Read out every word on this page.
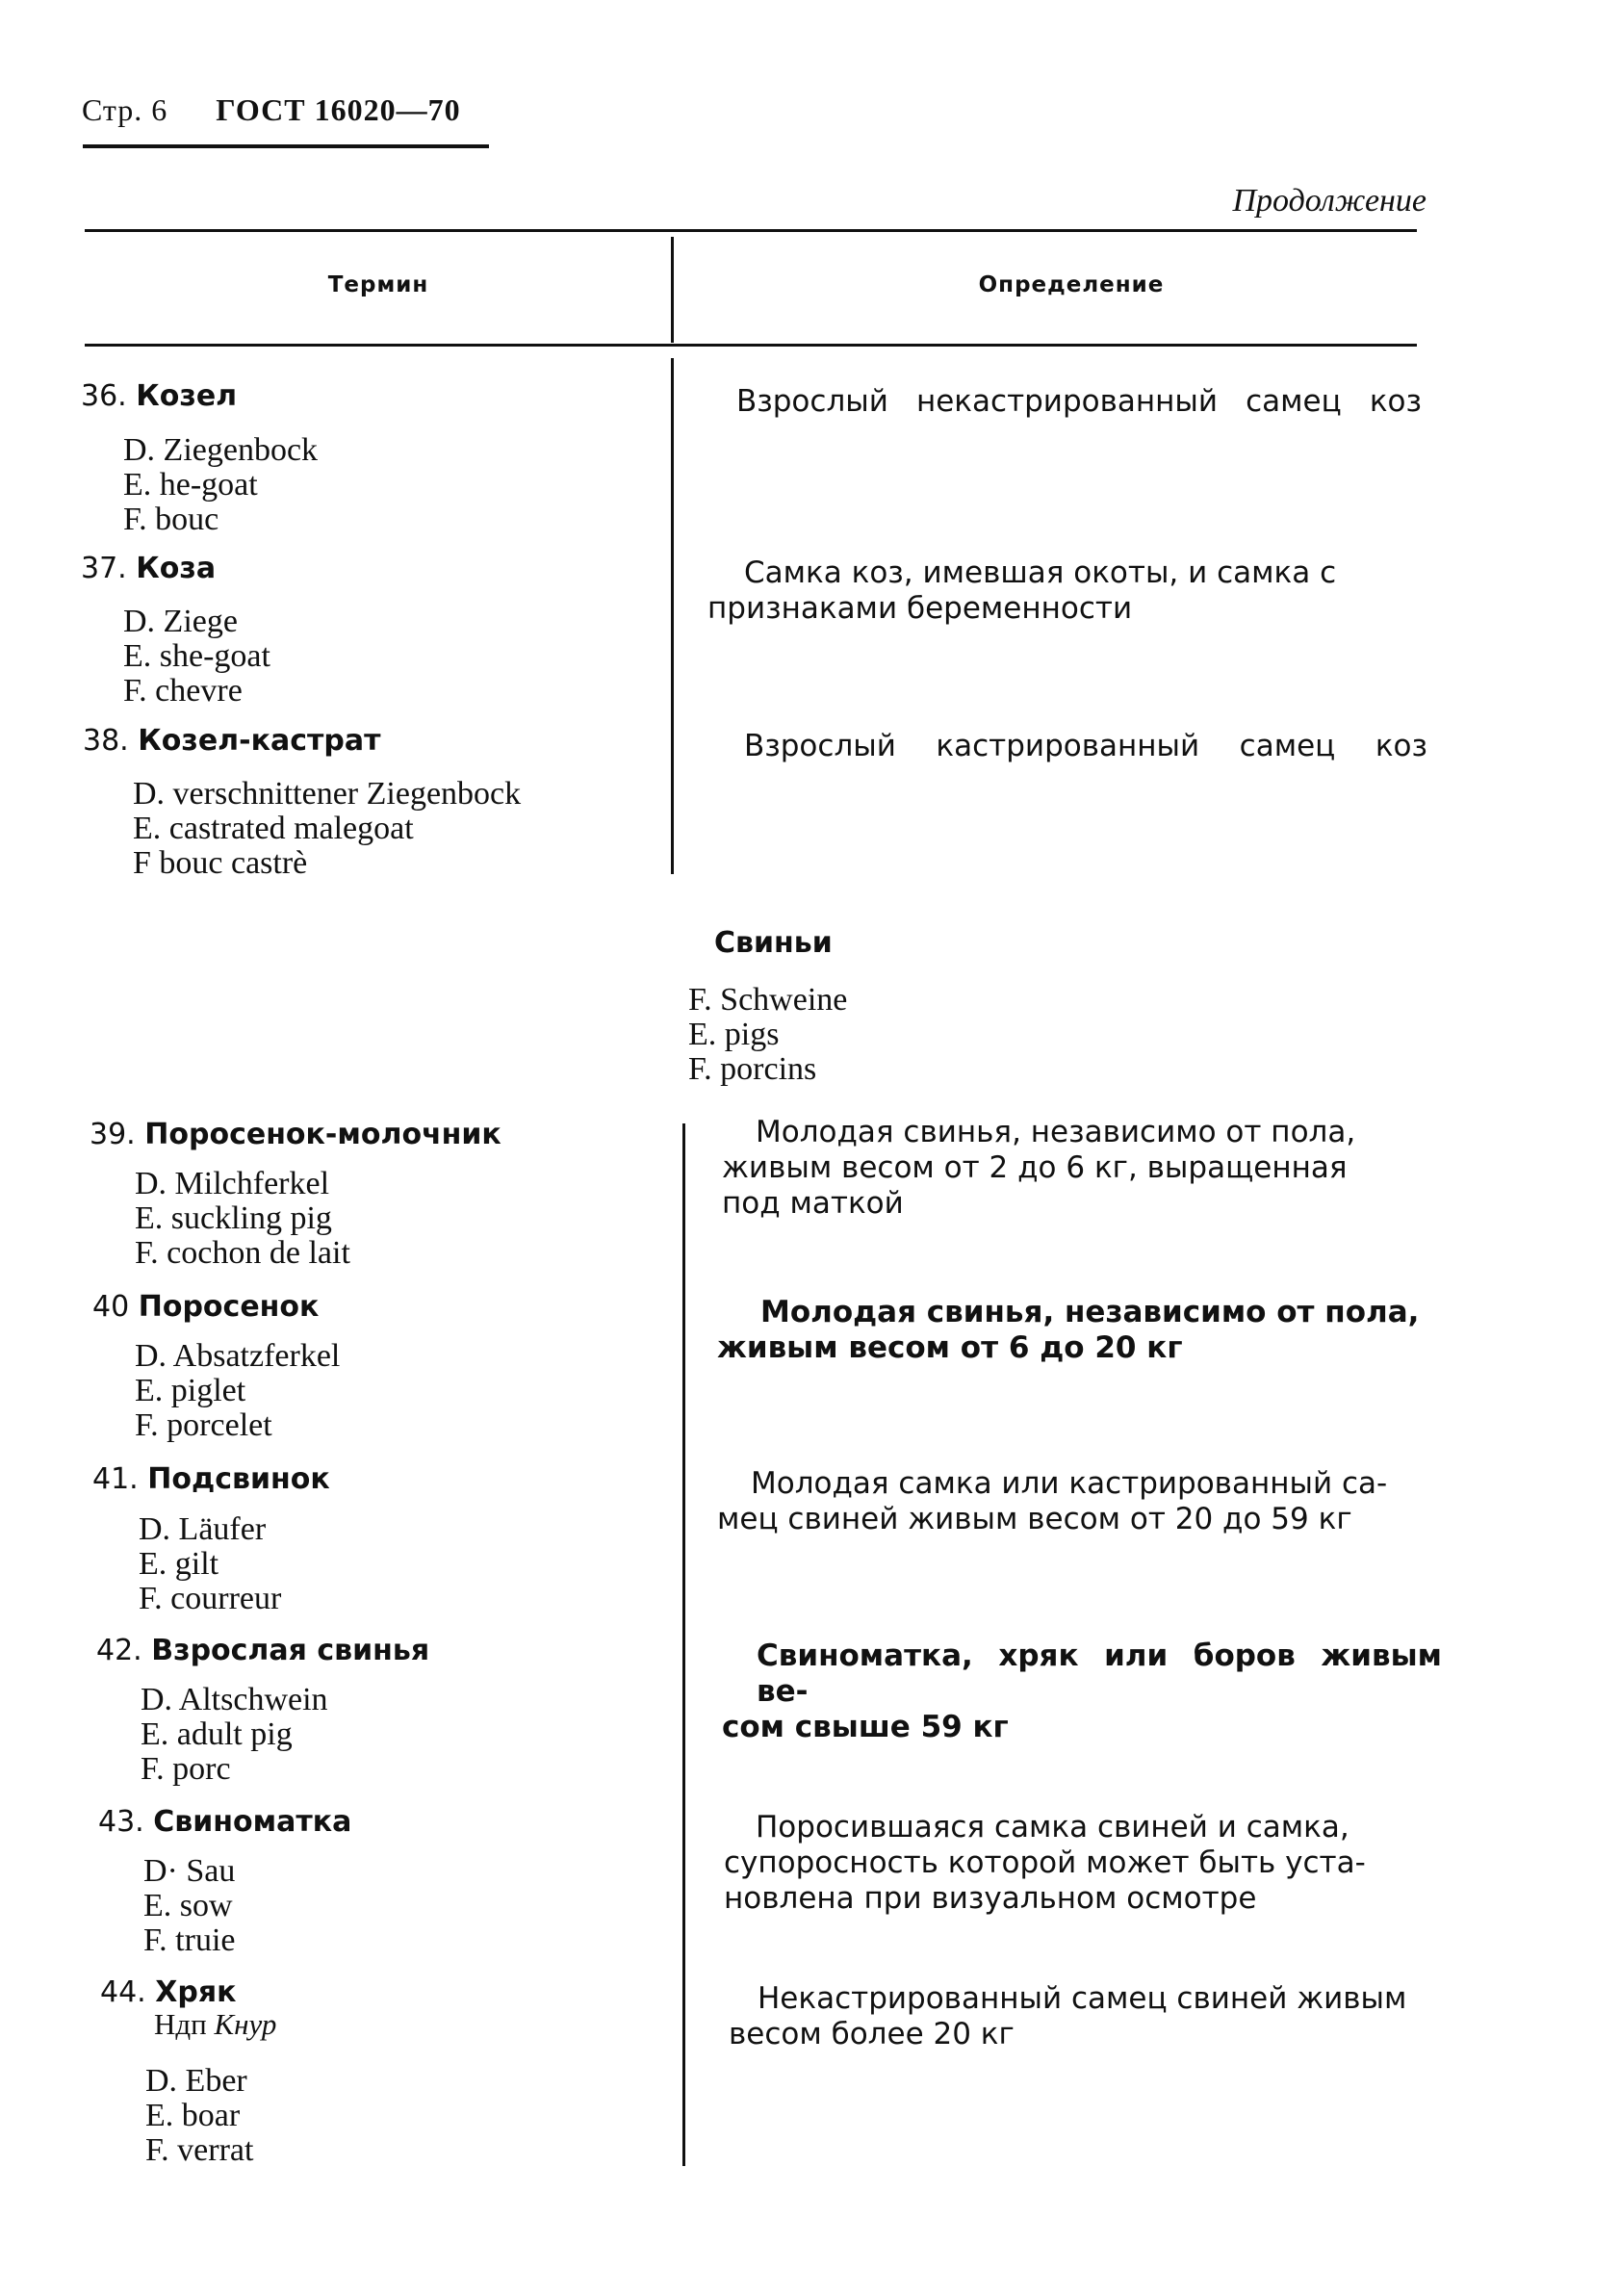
Стр. 6 ГОСТ 16020—70
Продолжение
Термин	Определение
36. Козел
D. Ziegenbock
E. he-goat
F. bouc
Взрослый некастрированный самец коз
37. Коза
D. Ziege
E. she-goat
F. chevre
Самка коз, имевшая окоты, и самка с
признаками беременности
38. Козел-кастрат
D. verschnittener Ziegenbock
E. castrated malegoat
F bouc castrè
Взрослый кастрированный самец коз
Свиньи
F. Schweine
E. pigs
F. porcins
39. Поросенок-молочник
D. Milchferkel
E. suckling pig
F. cochon de lait
Молодая свинья, независимо от пола,
живым весом от 2 до 6 кг, выращенная
под маткой
40 Поросенок
D. Absatzferkel
E. piglet
F. porcelet
Молодая свинья, независимо от пола,
живым весом от 6 до 20 кг
41. Подсвинок
D. Läufer
E. gilt
F. courreur
Молодая самка или кастрированный са-
мец свиней живым весом от 20 до 59 кг
42. Взрослая свинья
D. Altschwein
E. adult pig
F. porc
Свиноматка, хряк или боров живым ве-
сом свыше 59 кг
43. Свиноматка
D· Sau
E. sow
F. truie
Поросившаяся самка свиней и самка,
супоросность которой может быть уста-
новлена при визуальном осмотре
44. Хряк
Ндп Кнур
D. Eber
E. boar
F. verrat
Некастрированный самец свиней живым
весом более 20 кг
